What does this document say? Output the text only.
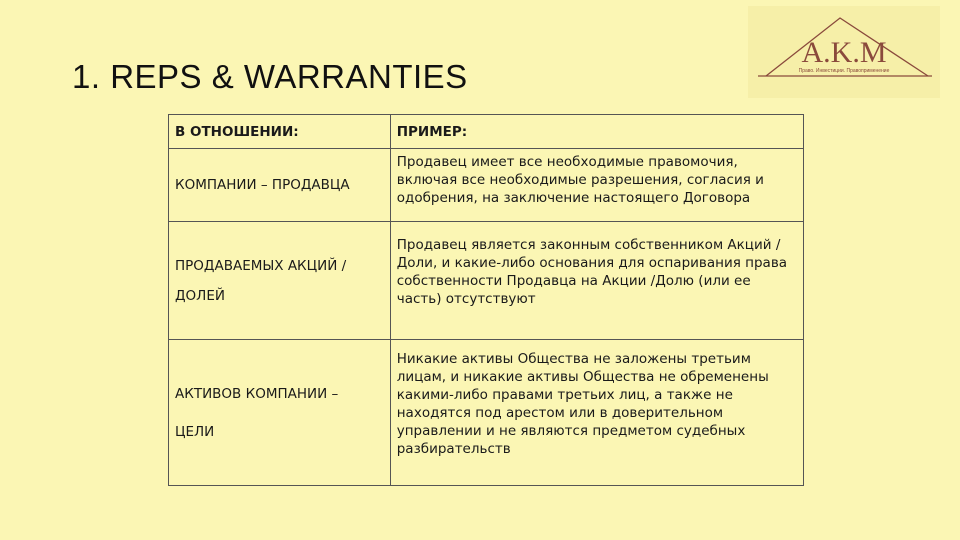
1. REPS & WARRANTIES
A.K.M
Право. Инвестиции. Правоприменение
В ОТНОШЕНИИ:	ПРИМЕР:

КОМПАНИИ – ПРОДАВЦА	Продавец имеет все необходимые правомочия, включая все необходимые разрешения, согласия и одобрения, на заключение настоящего Договора

ПРОДАВАЕМЫХ АКЦИЙ /
ДОЛЕЙ	Продавец является законным собственником Акций / Доли, и какие-либо основания для оспаривания права собственности Продавца на Акции /Долю (или ее часть) отсутствуют

АКТИВОВ КОМПАНИИ –
ЦЕЛИ	Никакие активы Общества не заложены третьим лицам, и никакие активы Общества не обременены какими-либо правами третьих лиц, а также не находятся под арестом или в доверительном управлении и не являются предметом судебных разбирательств
